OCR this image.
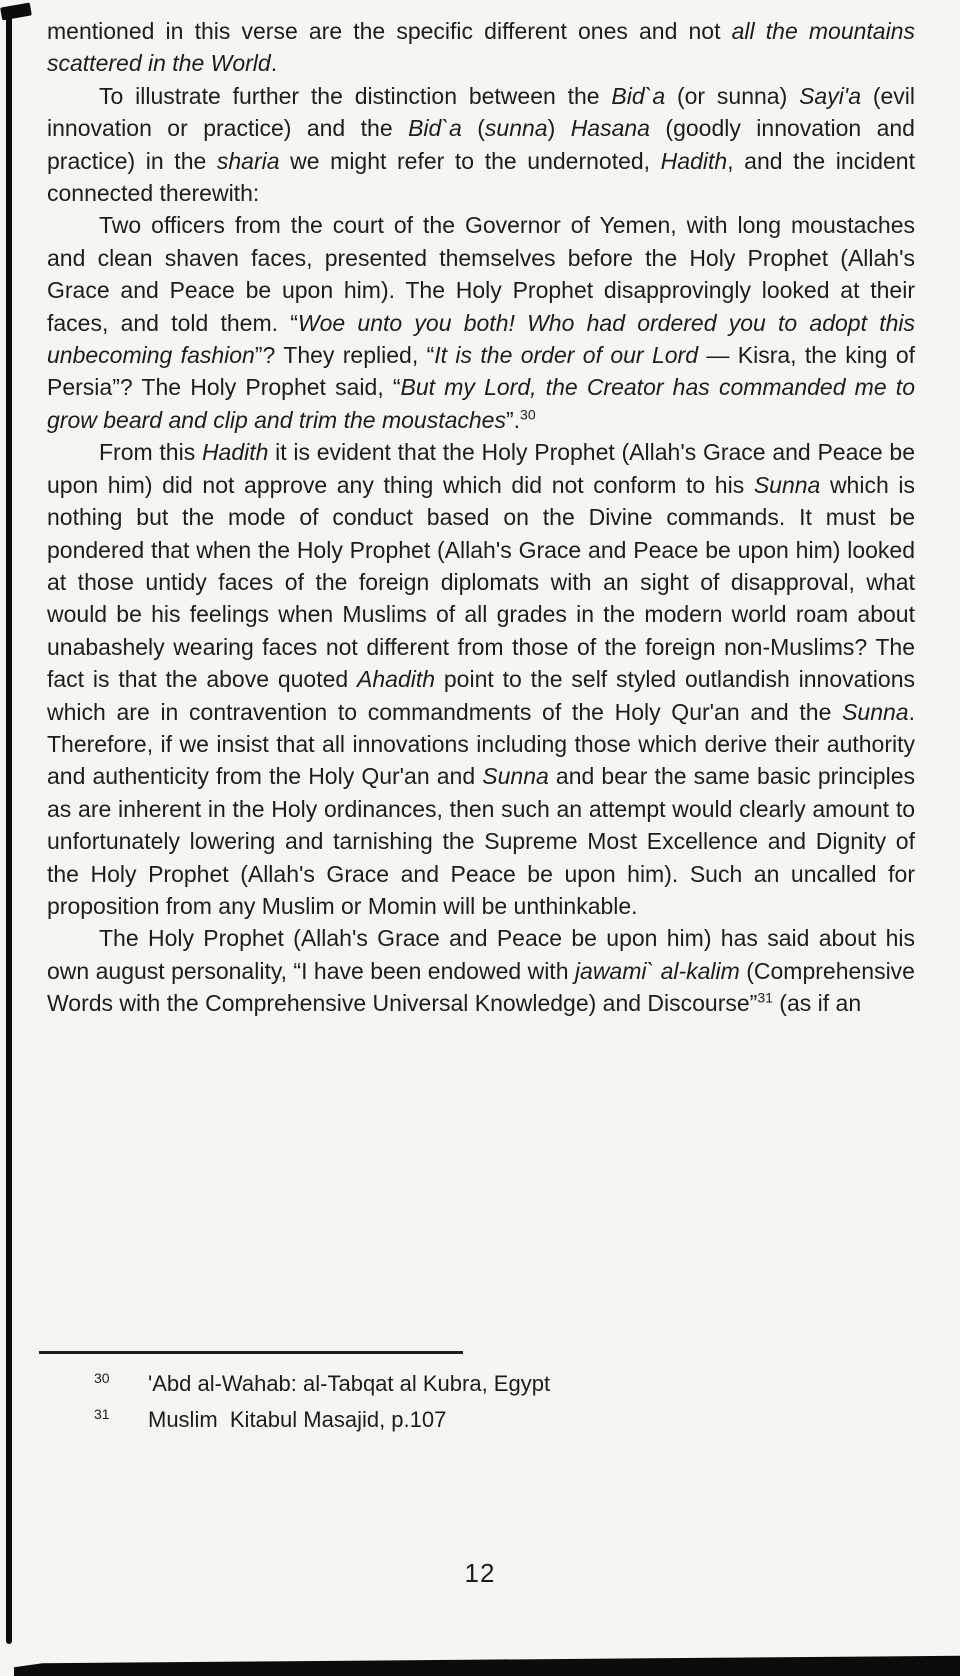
mentioned in this verse are the specific different ones and not all the mountains scattered in the World.

To illustrate further the distinction between the Bid`a (or sunna) Sayi'a (evil innovation or practice) and the Bid`a (sunna) Hasana (goodly innovation and practice) in the sharia we might refer to the undernoted, Hadith, and the incident connected therewith:

Two officers from the court of the Governor of Yemen, with long moustaches and clean shaven faces, presented themselves before the Holy Prophet (Allah's Grace and Peace be upon him). The Holy Prophet disapprovingly looked at their faces, and told them. “Woe unto you both! Who had ordered you to adopt this unbecoming fashion”? They replied, “It is the order of our Lord — Kisra, the king of Persia”? The Holy Prophet said, “But my Lord, the Creator has commanded me to grow beard and clip and trim the moustaches”.$^{30}$

From this Hadith it is evident that the Holy Prophet (Allah's Grace and Peace be upon him) did not approve any thing which did not conform to his Sunna which is nothing but the mode of conduct based on the Divine commands. It must be pondered that when the Holy Prophet (Allah's Grace and Peace be upon him) looked at those untidy faces of the foreign diplomats with an sight of disapproval, what would be his feelings when Muslims of all grades in the modern world roam about unabashely wearing faces not different from those of the foreign non-Muslims? The fact is that the above quoted Ahadith point to the self styled outlandish innovations which are in contravention to commandments of the Holy Qur'an and the Sunna. Therefore, if we insist that all innovations including those which derive their authority and authenticity from the Holy Qur'an and Sunna and bear the same basic principles as are inherent in the Holy ordinances, then such an attempt would clearly amount to unfortunately lowering and tarnishing the Supreme Most Excellence and Dignity of the Holy Prophet (Allah's Grace and Peace be upon him). Such an uncalled for proposition from any Muslim or Momin will be unthinkable.

The Holy Prophet (Allah's Grace and Peace be upon him) has said about his own august personality, “I have been endowed with jawami` al-kalim (Comprehensive Words with the Comprehensive Universal Knowledge) and Discourse”$^{31}$ (as if an

30	'Abd al-Wahab: al-Tabqat al Kubra, Egypt
31	Muslim  Kitabul Masajid, p.107
12
